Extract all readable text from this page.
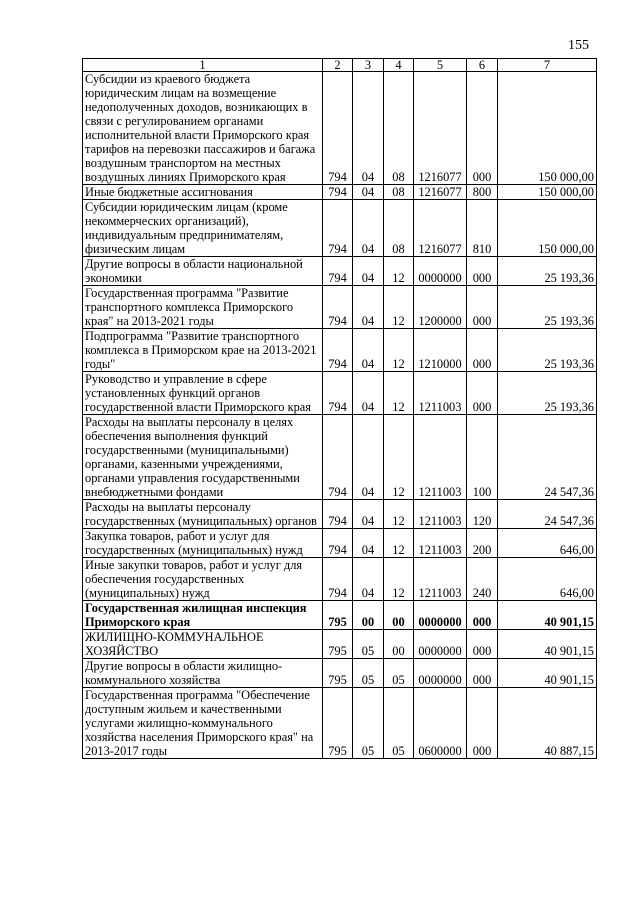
155
1	2	3	4	5	6	7
Субсидии из краевого бюджета юридическим лицам на возмещение недополученных доходов, возникающих в связи с регулированием органами исполнительной власти Приморского края тарифов на перевозки пассажиров и багажа воздушным транспортом на местных воздушных линиях Приморского края	794	04	08	1216077	000	150 000,00
Иные бюджетные ассигнования	794	04	08	1216077	800	150 000,00
Субсидии юридическим лицам (кроме некоммерческих организаций), индивидуальным предпринимателям, физическим лицам	794	04	08	1216077	810	150 000,00
Другие вопросы в области национальной экономики	794	04	12	0000000	000	25 193,36
Государственная программа "Развитие транспортного комплекса Приморского края" на 2013-2021 годы	794	04	12	1200000	000	25 193,36
Подпрограмма "Развитие транспортного комплекса в Приморском крае на 2013-2021 годы"	794	04	12	1210000	000	25 193,36
Руководство и управление в сфере установленных функций органов государственной власти Приморского края	794	04	12	1211003	000	25 193,36
Расходы на выплаты персоналу в целях обеспечения выполнения функций государственными (муниципальными) органами, казенными учреждениями, органами управления государственными внебюджетными фондами	794	04	12	1211003	100	24 547,36
Расходы на выплаты персоналу государственных (муниципальных) органов	794	04	12	1211003	120	24 547,36
Закупка товаров, работ и услуг для государственных (муниципальных) нужд	794	04	12	1211003	200	646,00
Иные закупки товаров, работ и услуг для обеспечения государственных (муниципальных) нужд	794	04	12	1211003	240	646,00
Государственная жилищная инспекция Приморского края	795	00	00	0000000	000	40 901,15
ЖИЛИЩНО-КОММУНАЛЬНОЕ ХОЗЯЙСТВО	795	05	00	0000000	000	40 901,15
Другие вопросы в области жилищно-коммунального хозяйства	795	05	05	0000000	000	40 901,15
Государственная программа "Обеспечение доступным жильем и качественными услугами жилищно-коммунального хозяйства населения Приморского края" на 2013-2017 годы	795	05	05	0600000	000	40 887,15
